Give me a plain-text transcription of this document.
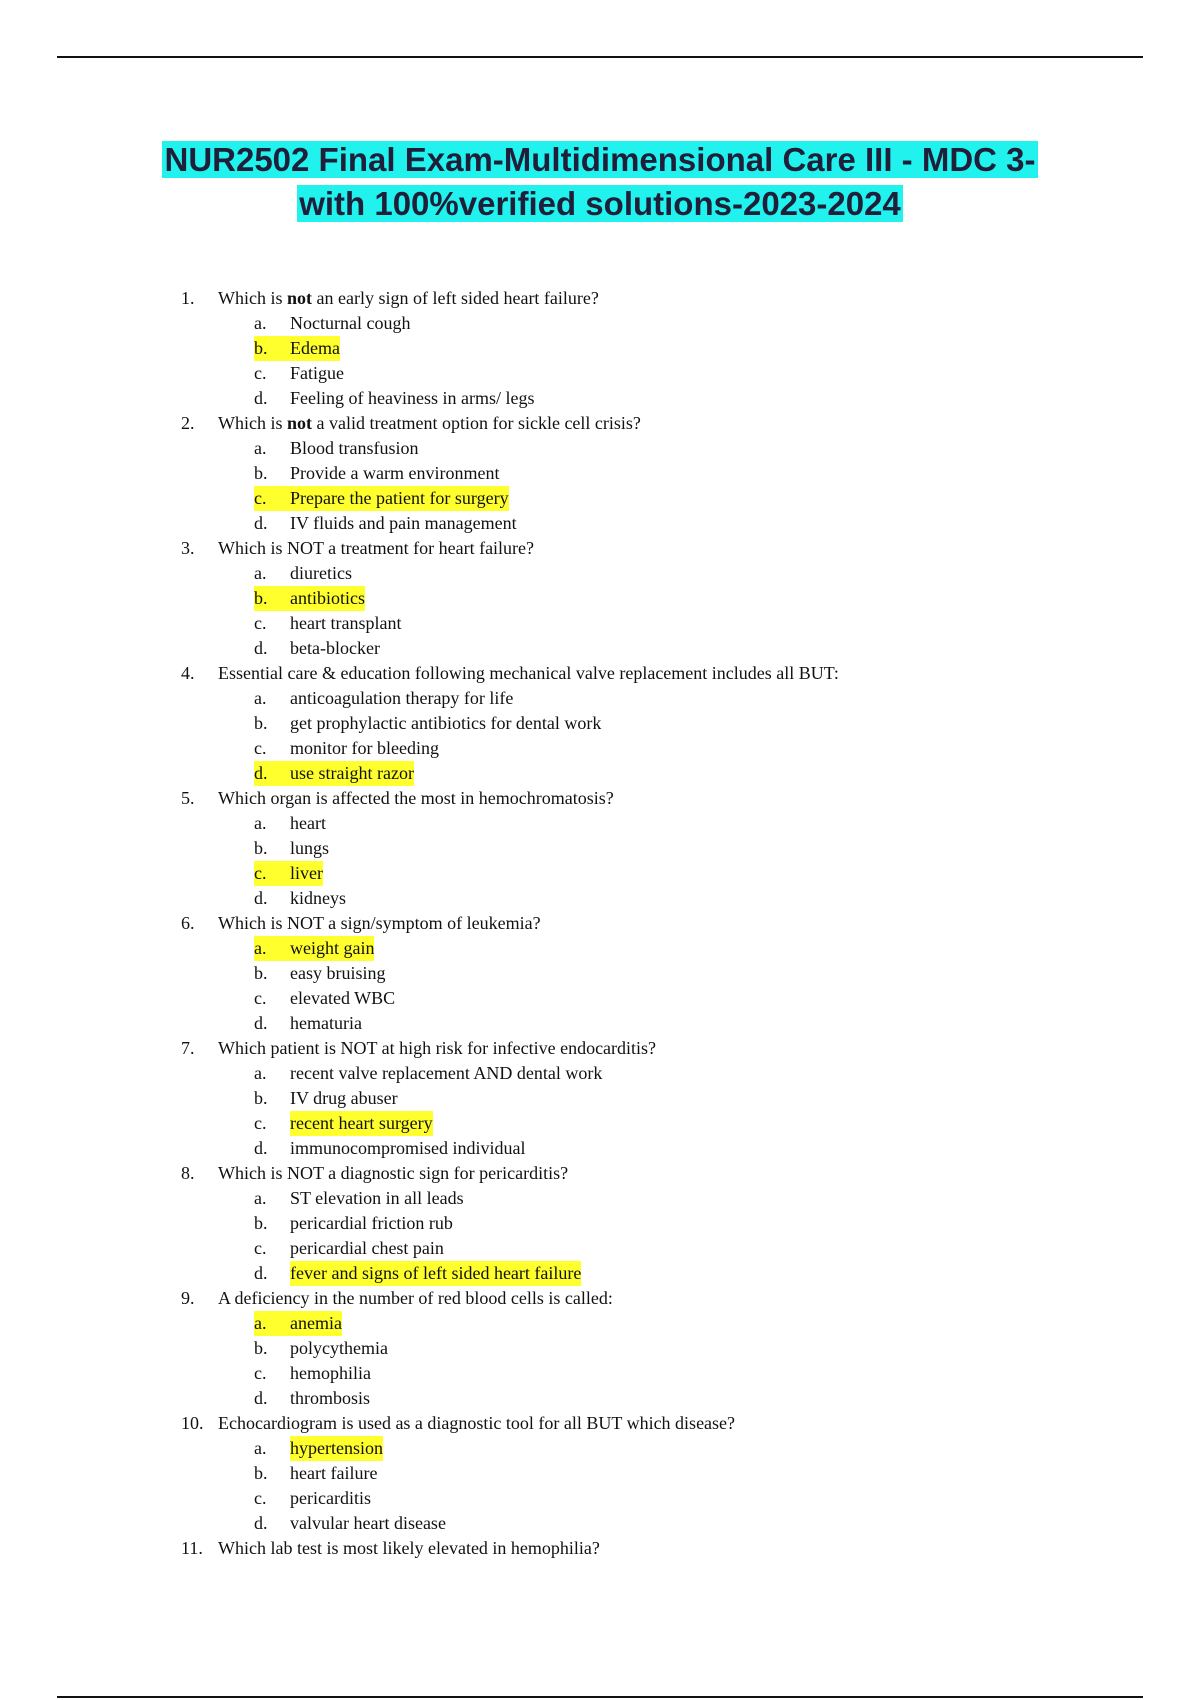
NUR2502 Final Exam-Multidimensional Care III - MDC 3-
with 100%verified solutions-2023-2024
1.	Which is not an early sign of left sided heart failure?
a.	Nocturnal cough
b. Edema
c.	Fatigue
d.	Feeling of heaviness in arms/ legs
2.	Which is not a valid treatment option for sickle cell crisis?
a.	Blood transfusion
b.	Provide a warm environment
c. Prepare the patient for surgery
d.	IV fluids and pain management
3.	Which is NOT a treatment for heart failure?
a.	diuretics
b. antibiotics
c.	heart transplant
d.	beta-blocker
4.	Essential care & education following mechanical valve replacement includes all BUT:
a.	anticoagulation therapy for life
b.	get prophylactic antibiotics for dental work
c.	monitor for bleeding
d. use straight razor
5.	Which organ is affected the most in hemochromatosis?
a.	heart
b.	lungs
c. liver
d.	kidneys
6.	Which is NOT a sign/symptom of leukemia?
a. weight gain
b.	easy bruising
c.	elevated WBC
d.	hematuria
7.	Which patient is NOT at high risk for infective endocarditis?
a.	recent valve replacement AND dental work
b.	IV drug abuser
c.	recent heart surgery
d.	immunocompromised individual
8.	Which is NOT a diagnostic sign for pericarditis?
a.	ST elevation in all leads
b.	pericardial friction rub
c.	pericardial chest pain
d.	fever and signs of left sided heart failure
9.	A deficiency in the number of red blood cells is called:
a. anemia
b.	polycythemia
c.	hemophilia
d.	thrombosis
10. Echocardiogram is used as a diagnostic tool for all BUT which disease?
a.	hypertension
b.	heart failure
c.	pericarditis
d.	valvular heart disease
11. Which lab test is most likely elevated in hemophilia?
